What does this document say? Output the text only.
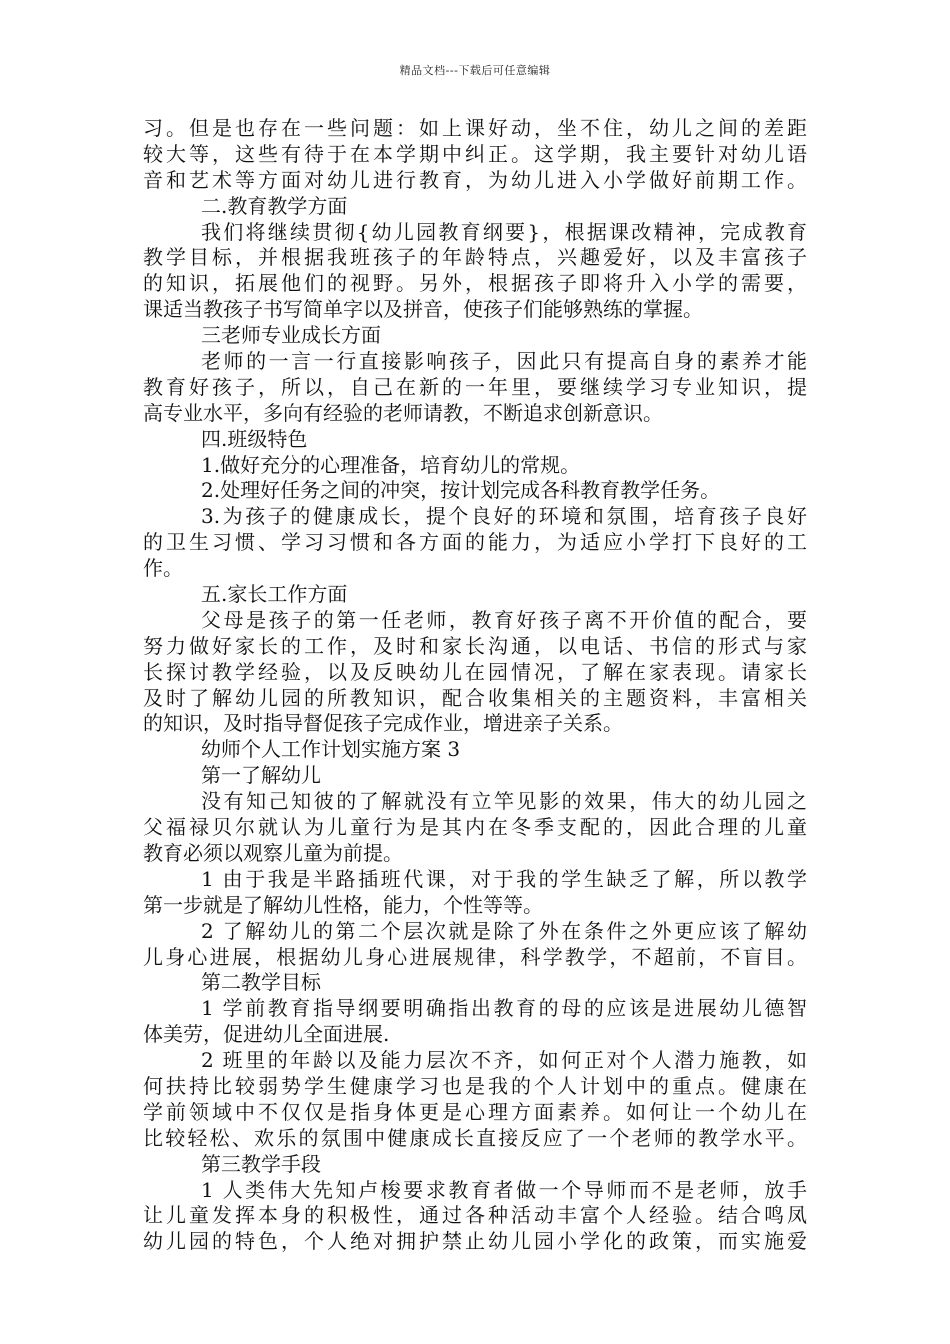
精品文档---下载后可任意编辑
习。但是也存在一些问题：如上课好动，坐不住，幼儿之间的差距
较大等，这些有待于在本学期中纠正。这学期，我主要针对幼儿语
音和艺术等方面对幼儿进行教育，为幼儿进入小学做好前期工作。
二.教育教学方面
我们将继续贯彻{幼儿园教育纲要}，根据课改精神，完成教育
教学目标，并根据我班孩子的年龄特点，兴趣爱好，以及丰富孩子
的知识，拓展他们的视野。另外，根据孩子即将升入小学的需要，
课适当教孩子书写简单字以及拼音，使孩子们能够熟练的掌握。
三老师专业成长方面
老师的一言一行直接影响孩子，因此只有提高自身的素养才能
教育好孩子，所以，自己在新的一年里，要继续学习专业知识，提
高专业水平，多向有经验的老师请教，不断追求创新意识。
四.班级特色
1.做好充分的心理准备，培育幼儿的常规。
2.处理好任务之间的冲突，按计划完成各科教育教学任务。
3.为孩子的健康成长，提个良好的环境和氛围，培育孩子良好
的卫生习惯、学习习惯和各方面的能力，为适应小学打下良好的工
作。
五.家长工作方面
父母是孩子的第一任老师，教育好孩子离不开价值的配合，要
努力做好家长的工作，及时和家长沟通，以电话、书信的形式与家
长探讨教学经验，以及反映幼儿在园情况，了解在家表现。请家长
及时了解幼儿园的所教知识，配合收集相关的主题资料，丰富相关
的知识，及时指导督促孩子完成作业，增进亲子关系。
幼师个人工作计划实施方案 3
第一了解幼儿
没有知己知彼的了解就没有立竿见影的效果，伟大的幼儿园之
父福禄贝尔就认为儿童行为是其内在冬季支配的，因此合理的儿童
教育必须以观察儿童为前提。
1 由于我是半路插班代课，对于我的学生缺乏了解，所以教学
第一步就是了解幼儿性格，能力，个性等等。
2 了解幼儿的第二个层次就是除了外在条件之外更应该了解幼
儿身心进展，根据幼儿身心进展规律，科学教学，不超前，不盲目。
第二教学目标
1 学前教育指导纲要明确指出教育的母的应该是进展幼儿德智
体美劳，促进幼儿全面进展.
2 班里的年龄以及能力层次不齐，如何正对个人潜力施教，如
何扶持比较弱势学生健康学习也是我的个人计划中的重点。健康在
学前领域中不仅仅是指身体更是心理方面素养。如何让一个幼儿在
比较轻松、欢乐的氛围中健康成长直接反应了一个老师的教学水平。
第三教学手段
1 人类伟大先知卢梭要求教育者做一个导师而不是老师，放手
让儿童发挥本身的积极性，通过各种活动丰富个人经验。结合鸣凤
幼儿园的特色，个人绝对拥护禁止幼儿园小学化的政策，而实施爱
